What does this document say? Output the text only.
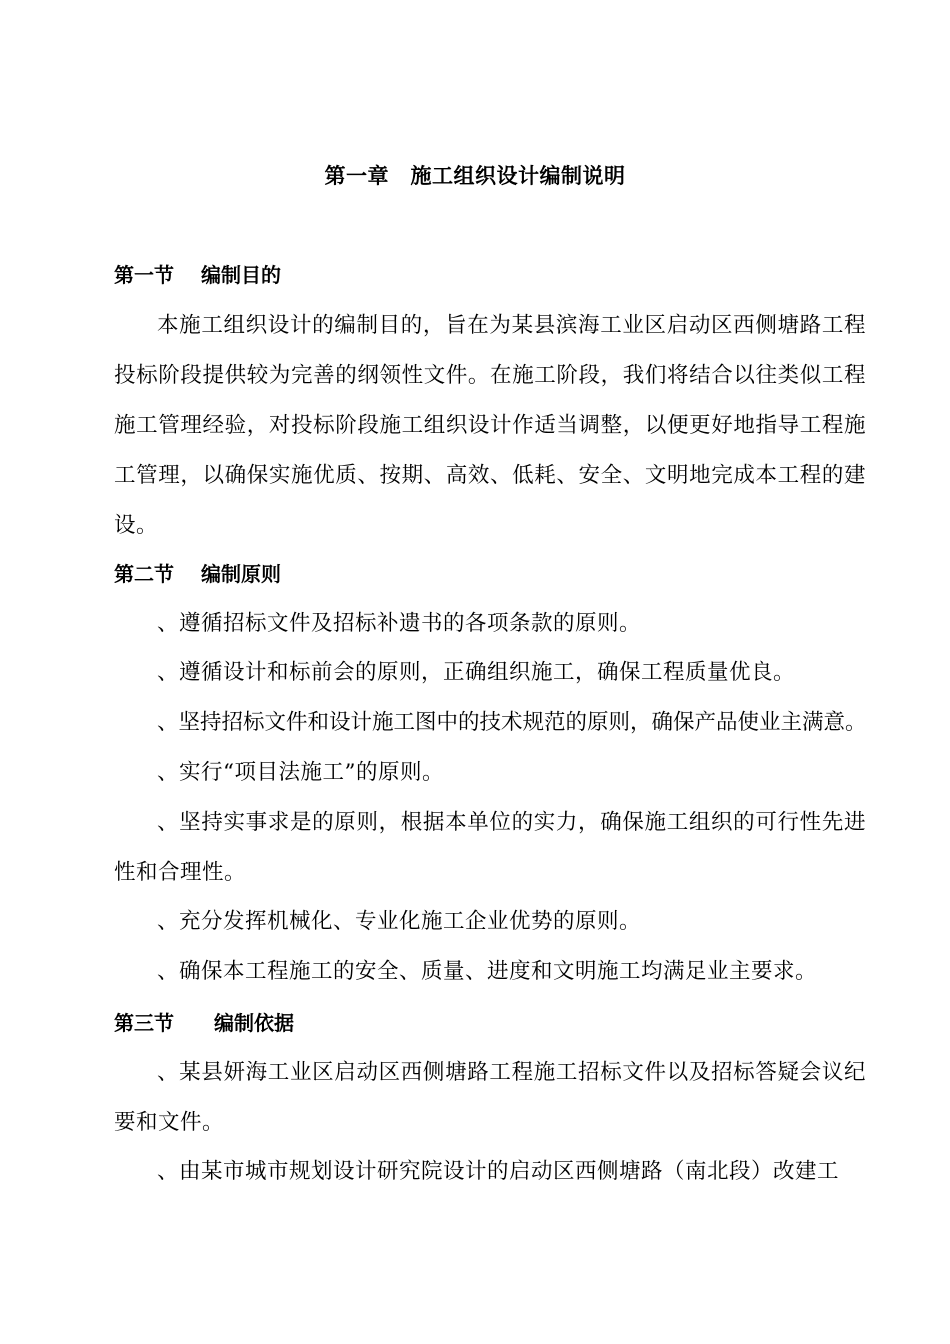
第一章　施工组织设计编制说明
第一节　 编制目的
本施工组织设计的编制目的，旨在为某县滨海工业区启动区西侧塘路工程投标阶段提供较为完善的纲领性文件。在施工阶段，我们将结合以往类似工程施工管理经验，对投标阶段施工组织设计作适当调整，以便更好地指导工程施工管理，以确保实施优质、按期、高效、低耗、安全、文明地完成本工程的建设。
第二节　 编制原则
、遵循招标文件及招标补遗书的各项条款的原则。
、遵循设计和标前会的原则，正确组织施工，确保工程质量优良。
、坚持招标文件和设计施工图中的技术规范的原则，确保产品使业主满意。
、实行“项目法施工”的原则。
、坚持实事求是的原则，根据本单位的实力，确保施工组织的可行性先进性和合理性。
、充分发挥机械化、专业化施工企业优势的原则。
、确保本工程施工的安全、质量、进度和文明施工均满足业主要求。
第三节　　编制依据
、某县妍海工业区启动区西侧塘路工程施工招标文件以及招标答疑会议纪要和文件。
、由某市城市规划设计研究院设计的启动区西侧塘路（南北段）改建工
